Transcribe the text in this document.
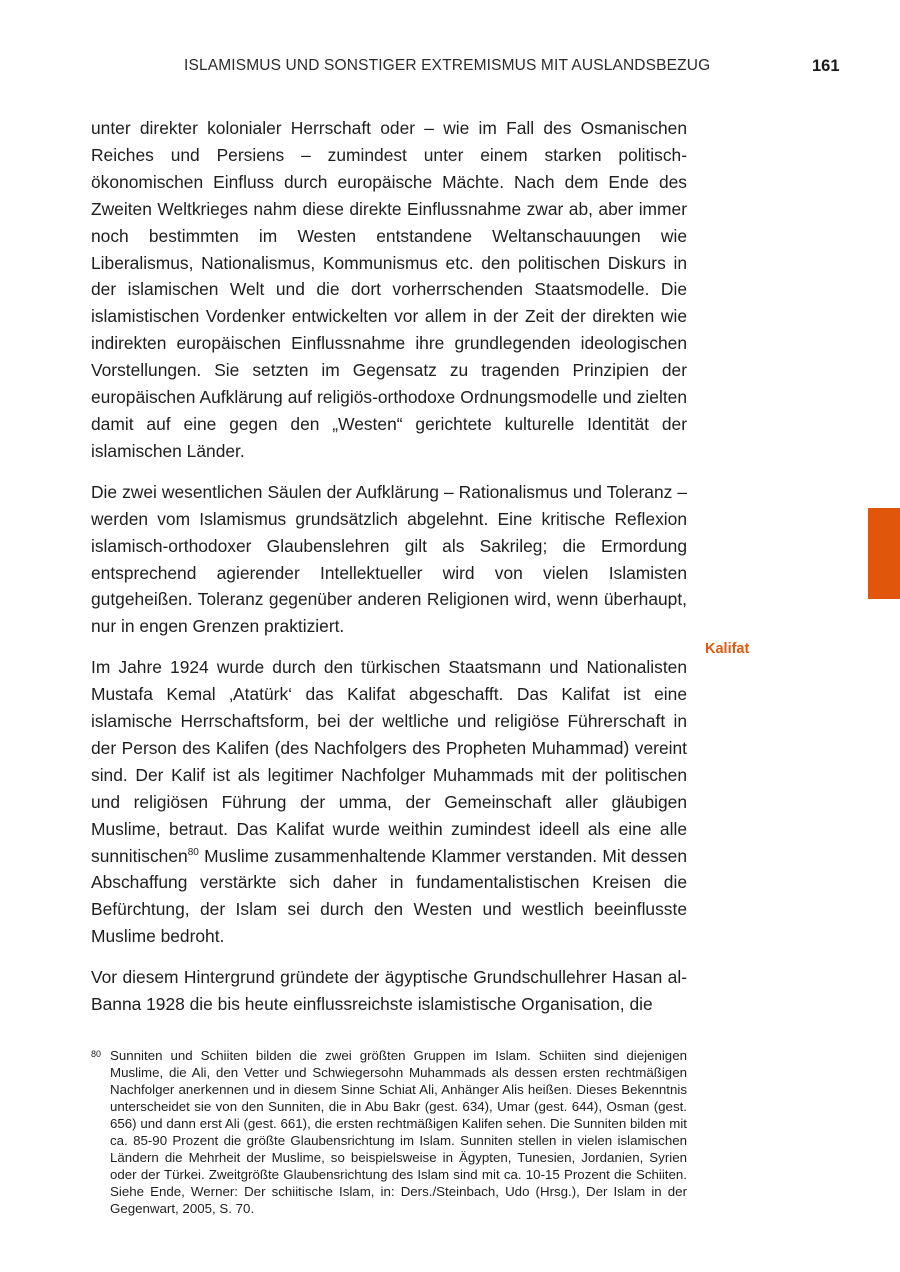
ISLAMISMUS UND SONSTIGER EXTREMISMUS MIT AUSLANDSBEZUG	161
Kalifat

unter direkter kolonialer Herrschaft oder – wie im Fall des Osmanischen Reiches und Persiens – zumindest unter einem starken politisch-ökonomischen Einfluss durch europäische Mächte. Nach dem Ende des Zweiten Weltkrieges nahm diese direkte Einflussnahme zwar ab, aber immer noch bestimmten im Westen entstandene Weltanschauungen wie Liberalismus, Nationalismus, Kommunismus etc. den politischen Diskurs in der islamischen Welt und die dort vorherrschenden Staatsmodelle. Die islamistischen Vordenker entwickelten vor allem in der Zeit der direkten wie indirekten europäischen Einflussnahme ihre grundlegenden ideologischen Vorstellungen. Sie setzten im Gegensatz zu tragenden Prinzipien der europäischen Aufklärung auf religiös-orthodoxe Ordnungsmodelle und zielten damit auf eine gegen den „Westen“ gerichtete kulturelle Identität der islamischen Länder.

Die zwei wesentlichen Säulen der Aufklärung – Rationalismus und Toleranz – werden vom Islamismus grundsätzlich abgelehnt. Eine kritische Reflexion islamisch-orthodoxer Glaubenslehren gilt als Sakrileg; die Ermordung entsprechend agierender Intellektueller wird von vielen Islamisten gutgeheißen. Toleranz gegenüber anderen Religionen wird, wenn überhaupt, nur in engen Grenzen praktiziert.

Im Jahre 1924 wurde durch den türkischen Staatsmann und Nationalisten Mustafa Kemal ‚Atatürk‘ das Kalifat abgeschafft. Das Kalifat ist eine islamische Herrschaftsform, bei der weltliche und religiöse Führerschaft in der Person des Kalifen (des Nachfolgers des Propheten Muhammad) vereint sind. Der Kalif ist als legitimer Nachfolger Muhammads mit der politischen und religiösen Führung der umma, der Gemeinschaft aller gläubigen Muslime, betraut. Das Kalifat wurde weithin zumindest ideell als eine alle sunnitischen$^{80}$ Muslime zusammenhaltende Klammer verstanden. Mit dessen Abschaffung verstärkte sich daher in fundamentalistischen Kreisen die Befürchtung, der Islam sei durch den Westen und westlich beeinflusste Muslime bedroht.

Vor diesem Hintergrund gründete der ägyptische Grundschullehrer Hasan al-Banna 1928 die bis heute einflussreichste islamistische Organisation, die

80 Sunniten und Schiiten bilden die zwei größten Gruppen im Islam. Schiiten sind diejenigen Muslime, die Ali, den Vetter und Schwiegersohn Muhammads als dessen ersten rechtmäßigen Nachfolger anerkennen und in diesem Sinne Schiat Ali, Anhänger Alis heißen. Dieses Bekenntnis unterscheidet sie von den Sunniten, die in Abu Bakr (gest. 634), Umar (gest. 644), Osman (gest. 656) und dann erst Ali (gest. 661), die ersten rechtmäßigen Kalifen sehen. Die Sunniten bilden mit ca. 85-90 Prozent die größte Glaubensrichtung im Islam. Sunniten stellen in vielen islamischen Ländern die Mehrheit der Muslime, so beispielsweise in Ägypten, Tunesien, Jordanien, Syrien oder der Türkei. Zweitgrößte Glaubensrichtung des Islam sind mit ca. 10-15 Prozent die Schiiten. Siehe Ende, Werner: Der schiitische Islam, in: Ders./Steinbach, Udo (Hrsg.), Der Islam in der Gegenwart, 2005, S. 70.
